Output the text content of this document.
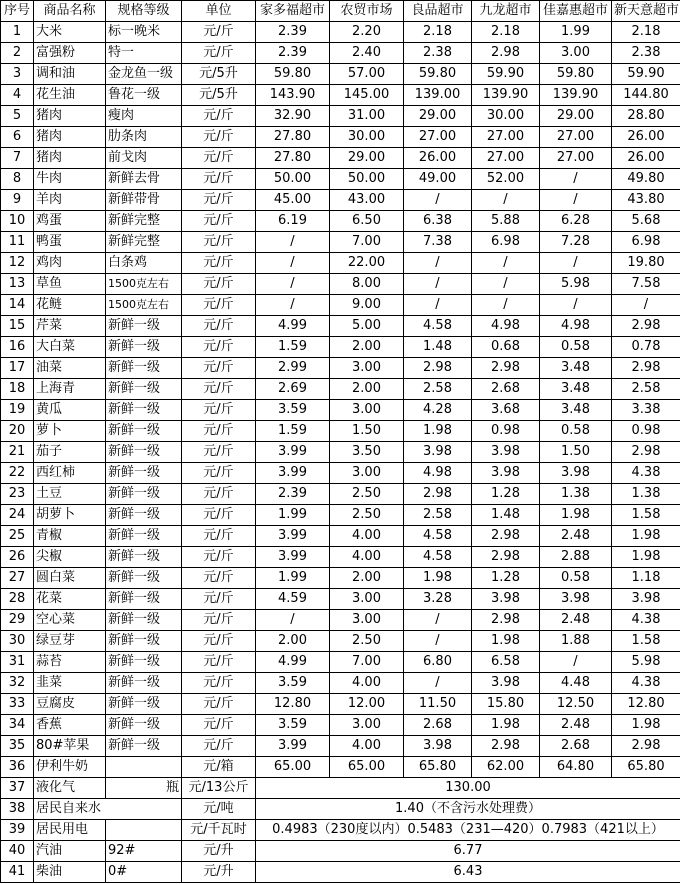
序号	商品名称	规格等级	单位	家多福超市	农贸市场	良品超市	九龙超市	佳嘉惠超市	新天意超市
1	大米	标一晚米	元/斤	2.39	2.20	2.18	2.18	1.99	2.18
2	富强粉	特一	元/斤	2.39	2.40	2.38	2.98	3.00	2.38
3	调和油	金龙鱼一级	元/5升	59.80	57.00	59.80	59.90	59.80	59.90
4	花生油	鲁花一级	元/5升	143.90	145.00	139.00	139.90	139.90	144.80
5	猪肉	瘦肉	元/斤	32.90	31.00	29.00	30.00	29.00	28.80
6	猪肉	肋条肉	元/斤	27.80	30.00	27.00	27.00	27.00	26.00
7	猪肉	前戈肉	元/斤	27.80	29.00	26.00	27.00	27.00	26.00
8	牛肉	新鲜去骨	元/斤	50.00	50.00	49.00	52.00	/	49.80
9	羊肉	新鲜带骨	元/斤	45.00	43.00	/	/	/	43.80
10	鸡蛋	新鲜完整	元/斤	6.19	6.50	6.38	5.88	6.28	5.68
11	鸭蛋	新鲜完整	元/斤	/	7.00	7.38	6.98	7.28	6.98
12	鸡肉	白条鸡	元/斤	/	22.00	/	/	/	19.80
13	草鱼	1500克左右	元/斤	/	8.00	/	/	5.98	7.58
14	花鲢	1500克左右	元/斤	/	9.00	/	/	/	/
15	芹菜	新鲜一级	元/斤	4.99	5.00	4.58	4.98	4.98	2.98
16	大白菜	新鲜一级	元/斤	1.59	2.00	1.48	0.68	0.58	0.78
17	油菜	新鲜一级	元/斤	2.99	3.00	2.98	2.98	3.48	2.98
18	上海青	新鲜一级	元/斤	2.69	2.00	2.58	2.68	3.48	2.58
19	黄瓜	新鲜一级	元/斤	3.59	3.00	4.28	3.68	3.48	3.38
20	萝卜	新鲜一级	元/斤	1.59	1.50	1.98	0.98	0.58	0.98
21	茄子	新鲜一级	元/斤	3.99	3.50	3.98	3.98	1.50	2.98
22	西红柿	新鲜一级	元/斤	3.99	3.00	4.98	3.98	3.98	4.38
23	土豆	新鲜一级	元/斤	2.39	2.50	2.98	1.28	1.38	1.38
24	胡萝卜	新鲜一级	元/斤	1.99	2.50	2.58	1.48	1.98	1.58
25	青椒	新鲜一级	元/斤	3.99	4.00	4.58	2.98	2.48	1.98
26	尖椒	新鲜一级	元/斤	3.99	4.00	4.58	2.98	2.88	1.98
27	圆白菜	新鲜一级	元/斤	1.99	2.00	1.98	1.28	0.58	1.18
28	花菜	新鲜一级	元/斤	4.59	3.00	3.28	3.98	3.98	3.98
29	空心菜	新鲜一级	元/斤	/	3.00	/	2.98	2.48	4.38
30	绿豆芽	新鲜一级	元/斤	2.00	2.50	/	1.98	1.88	1.58
31	蒜苔	新鲜一级	元/斤	4.99	7.00	6.80	6.58	/	5.98
32	韭菜	新鲜一级	元/斤	3.59	4.00	/	3.98	4.48	4.38
33	豆腐皮	新鲜一级	元/斤	12.80	12.00	11.50	15.80	12.50	12.80
34	香蕉	新鲜一级	元/斤	3.59	3.00	2.68	1.98	2.48	1.98
35	80#苹果	新鲜一级	元/斤	3.99	4.00	3.98	2.98	2.68	2.98
36	伊利牛奶		元/箱	65.00	65.00	65.80	62.00	64.80	65.80
37	液化气	瓶	元/13公斤	130.00					
38	居民自来水		元/吨	1.40（不含污水处理费）					
39	居民用电		元/千瓦时	0.4983（230度以内）0.5483（231—420）0.7983（421以上）					
40	汽油	92#	元/升	6.77					
41	柴油	0#	元/升	6.43					
